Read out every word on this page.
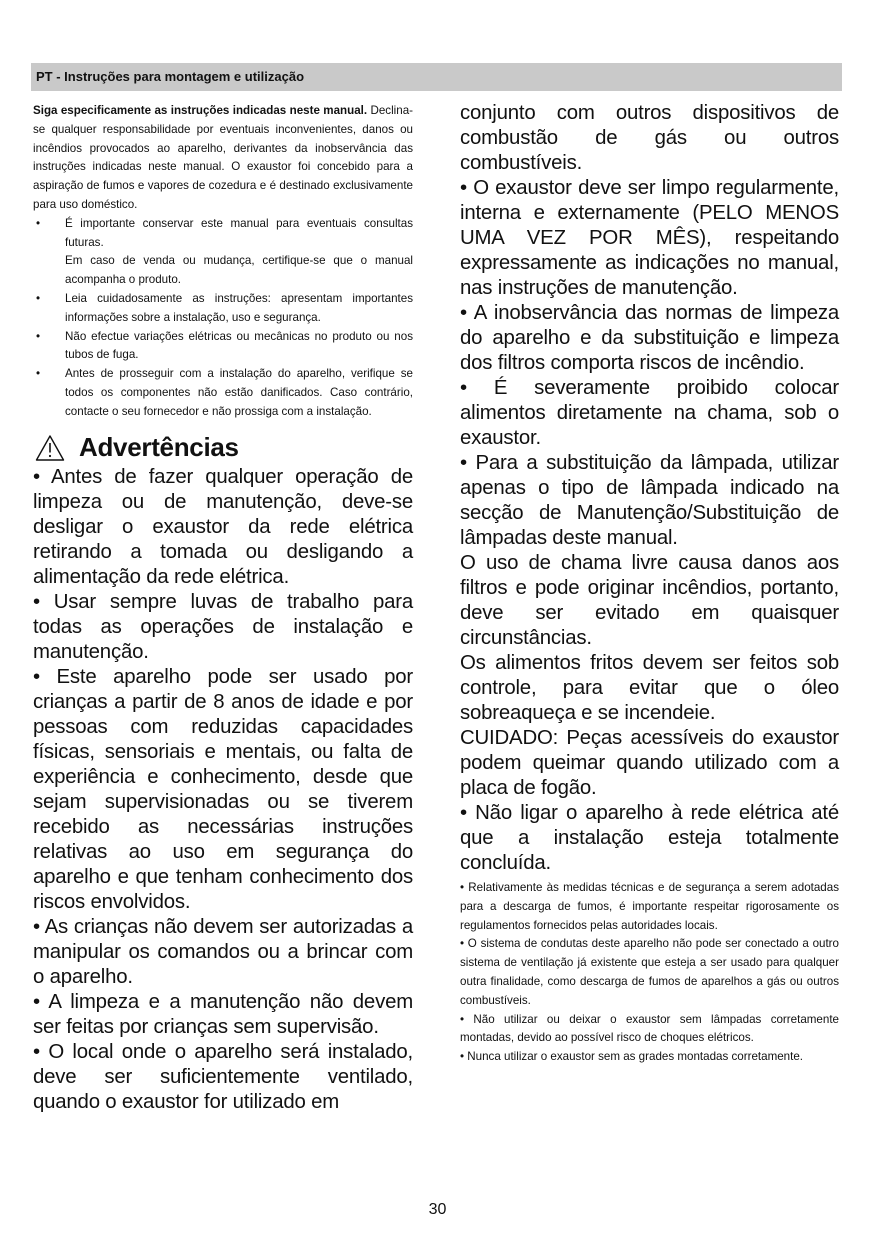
PT - Instruções para montagem e utilização

Siga especificamente as instruções indicadas neste manual. Declina-se qualquer responsabilidade por eventuais inconvenientes, danos ou incêndios provocados ao aparelho, derivantes da inobservância das instruções indicadas neste manual. O exaustor foi concebido para a aspiração de fumos e vapores de cozedura e é destinado exclusivamente para uso doméstico.

• É importante conservar este manual para eventuais consultas futuras.

Em caso de venda ou mudança, certifique-se que o manual acompanha o produto.

• Leia cuidadosamente as instruções: apresentam importantes informações sobre a instalação, uso e segurança.

• Não efectue variações elétricas ou mecânicas no produto ou nos tubos de fuga.

• Antes de prosseguir com a instalação do aparelho, verifique se todos os componentes não estão danificados. Caso contrário, contacte o seu fornecedor e não prossiga com a instalação.

Advertências

• Antes de fazer qualquer operação de limpeza ou de manutenção, deve-se desligar o exaustor da rede elétrica retirando a tomada ou desligando a alimentação da rede elétrica.

• Usar sempre luvas de trabalho para todas as operações de instalação e manutenção.

• Este aparelho pode ser usado por crianças a partir de 8 anos de idade e por pessoas com reduzidas capacidades físicas, sensoriais e mentais, ou falta de experiência e conhecimento, desde que sejam supervisionadas ou se tiverem recebido as necessárias instruções relativas ao uso em segurança do aparelho e que tenham conhecimento dos riscos envolvidos.

• As crianças não devem ser autorizadas a manipular os comandos ou a brincar com o aparelho.

• A limpeza e a manutenção não devem ser feitas por crianças sem supervisão.

• O local onde o aparelho será instalado, deve ser suficientemente ventilado, quando o exaustor for utilizado em

conjunto com outros dispositivos de combustão de gás ou outros combustíveis.

• O exaustor deve ser limpo regularmente, interna e externamente (PELO MENOS UMA VEZ POR MÊS), respeitando expressamente as indicações no manual, nas instruções de manutenção.

• A inobservância das normas de limpeza do aparelho e da substituição e limpeza dos filtros comporta riscos de incêndio.

• É severamente proibido colocar alimentos diretamente na chama, sob o exaustor.

• Para a substituição da lâmpada, utilizar apenas o tipo de lâmpada indicado na secção de Manutenção/Substituição de lâmpadas deste manual.

O uso de chama livre causa danos aos filtros e pode originar incêndios, portanto, deve ser evitado em quaisquer circunstâncias.

Os alimentos fritos devem ser feitos sob controle, para evitar que o óleo sobreaqueça e se incendeie.

CUIDADO: Peças acessíveis do exaustor podem queimar quando utilizado com a placa de fogão.

• Não ligar o aparelho à rede elétrica até que a instalação esteja totalmente concluída.

• Relativamente às medidas técnicas e de segurança a serem adotadas para a descarga de fumos, é importante respeitar rigorosamente os regulamentos fornecidos pelas autoridades locais.

• O sistema de condutas deste aparelho não pode ser conectado a outro sistema de ventilação já existente que esteja a ser usado para qualquer outra finalidade, como descarga de fumos de aparelhos a gás ou outros combustíveis.

• Não utilizar ou deixar o exaustor sem lâmpadas corretamente montadas, devido ao possível risco de choques elétricos.

• Nunca utilizar o exaustor sem as grades montadas corretamente.

30
